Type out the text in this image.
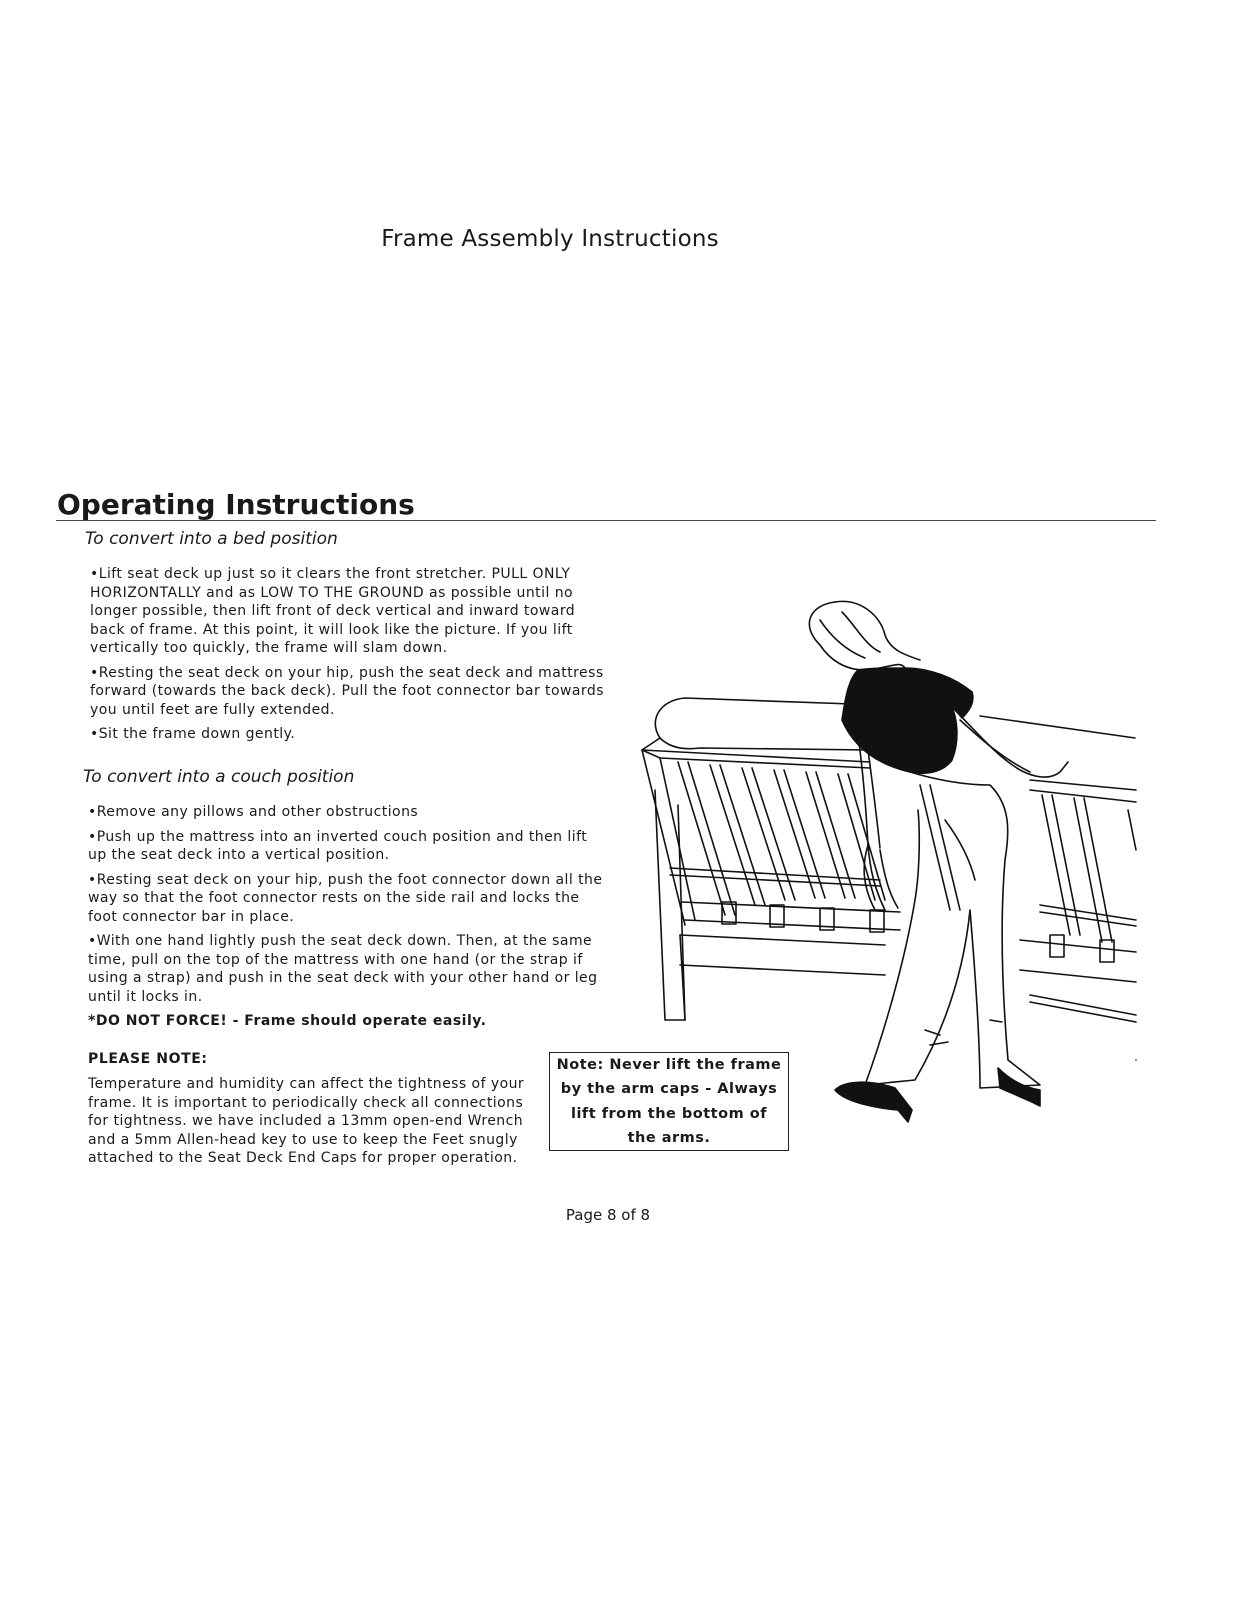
Frame Assembly Instructions
Operating Instructions
To convert into a bed position

•Lift seat deck up just so it clears the front stretcher. PULL ONLY HORIZONTALLY and as LOW TO THE GROUND as possible until no longer possible, then lift front of deck vertical and inward toward back of frame. At this point, it will look like the picture. If you lift vertically too quickly, the frame will slam down.

•Resting the seat deck on your hip, push the seat deck and mattress forward (towards the back deck). Pull the foot connector bar towards you until feet are fully extended.

•Sit the frame down gently.

To convert into a couch position

•Remove any pillows and other obstructions

•Push up the mattress into an inverted couch position and then lift up the seat deck into a vertical position.

•Resting seat deck on your hip, push the foot connector down all the way so that the foot connector rests on the side rail and locks the foot connector bar in place.

•With one hand lightly push the seat deck down. Then, at the same time, pull on the top of the mattress with one hand (or the strap if using a strap) and push in the seat deck with your other hand or leg until it locks in.

*DO NOT FORCE! - Frame should operate easily.

PLEASE NOTE:
Temperature and humidity can affect the tightness of your frame. It is important to periodically check all connections for tightness. we have included a 13mm open-end Wrench and a 5mm Allen-head key to use to keep the Feet snugly attached to the Seat Deck End Caps for proper operation.
Note: Never lift the frame by the arm caps - Always lift from the bottom of the arms.
Page 8 of 8
